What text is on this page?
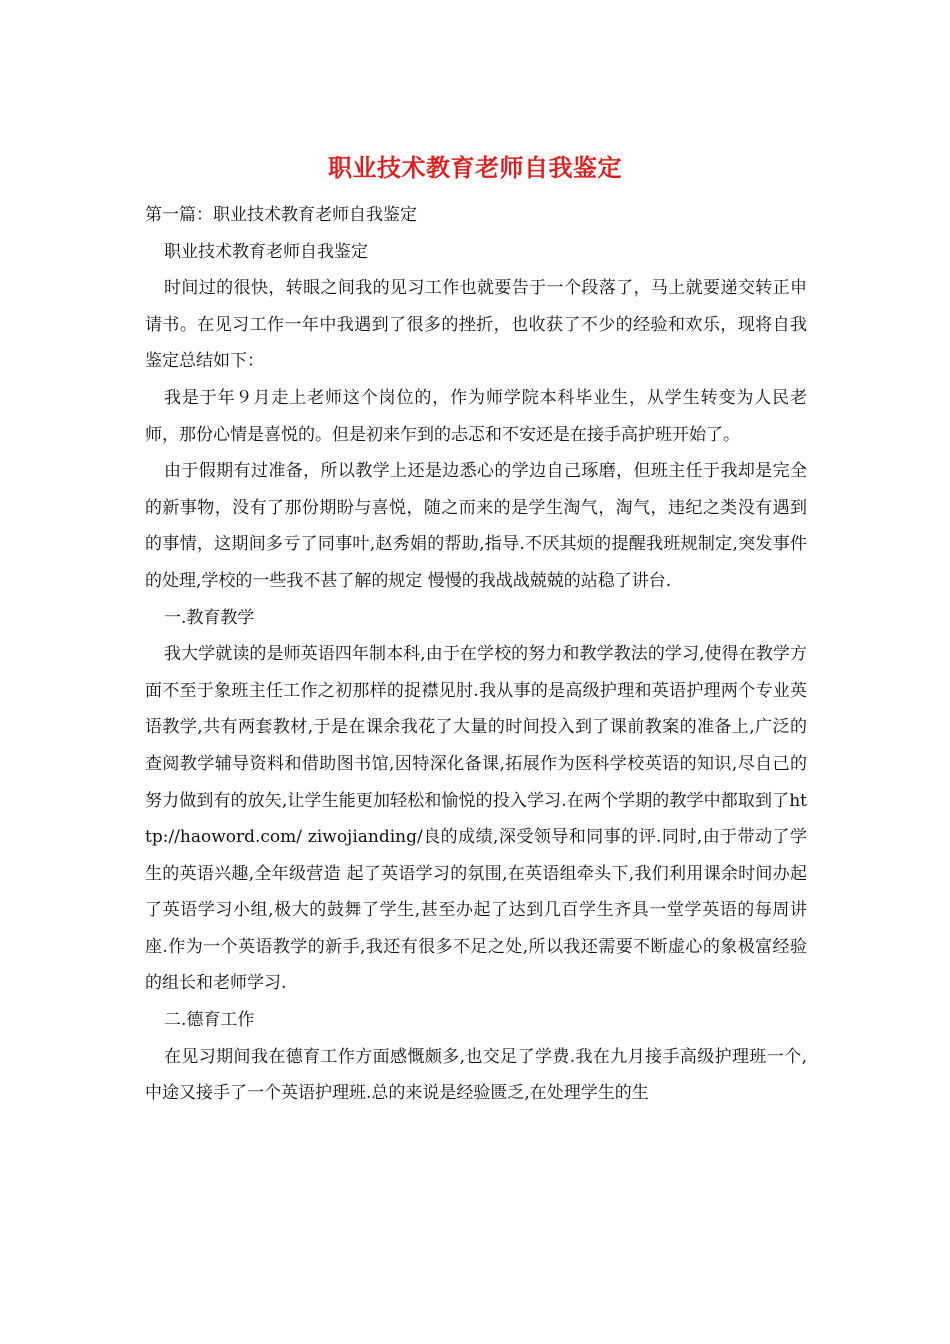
职业技术教育老师自我鉴定

第一篇：职业技术教育老师自我鉴定

职业技术教育老师自我鉴定

时间过的很快，转眼之间我的见习工作也就要告于一个段落了，马上就要递交转正申请书。在见习工作一年中我遇到了很多的挫折，也收获了不少的经验和欢乐，现将自我鉴定总结如下：

我是于年９月走上老师这个岗位的，作为师学院本科毕业生，从学生转变为人民老师，那份心情是喜悦的。但是初来乍到的忐忑和不安还是在接手高护班开始了。

由于假期有过准备，所以教学上还是边悉心的学边自己琢磨，但班主任于我却是完全的新事物，没有了那份期盼与喜悦，随之而来的是学生淘气，淘气，违纪之类没有遇到的事情，这期间多亏了同事叶,赵秀娟的帮助,指导.不厌其烦的提醒我班规制定,突发事件的处理,学校的一些我不甚了解的规定 慢慢的我战战兢兢的站稳了讲台.

一.教育教学

我大学就读的是师英语四年制本科,由于在学校的努力和教学教法的学习,使得在教学方面不至于象班主任工作之初那样的捉襟见肘.我从事的是高级护理和英语护理两个专业英语教学,共有两套教材,于是在课余我花了大量的时间投入到了课前教案的准备上,广泛的查阅教学辅导资料和借助图书馆,因特深化备课,拓展作为医科学校英语的知识,尽自己的努力做到有的放矢,让学生能更加轻松和愉悦的投入学习.在两个学期的教学中都取到了http://haoword.com/ ziwojianding/良的成绩,深受领导和同事的评.同时,由于带动了学生的英语兴趣,全年级营造 起了英语学习的氛围,在英语组牵头下,我们利用课余时间办起了英语学习小组,极大的鼓舞了学生,甚至办起了达到几百学生齐具一堂学英语的每周讲座.作为一个英语教学的新手,我还有很多不足之处,所以我还需要不断虚心的象极富经验的组长和老师学习.

二.德育工作

在见习期间我在德育工作方面感慨颇多,也交足了学费.我在九月接手高级护理班一个,中途又接手了一个英语护理班.总的来说是经验匮乏,在处理学生的生
